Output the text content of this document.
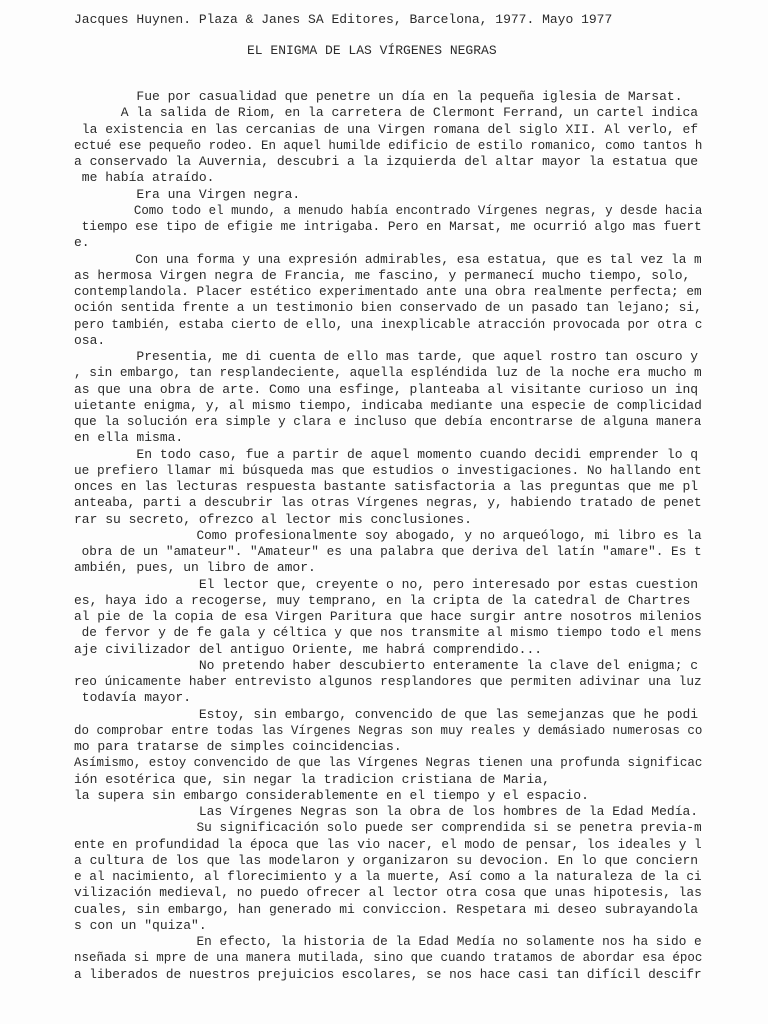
Jacques Huynen. Plaza & Janes SA Editores, Barcelona, 1977. Mayo 1977
EL ENIGMA DE LAS VÍRGENES NEGRAS
Fue por casualidad que penetre un día en la pequeña iglesia de Marsat.
A la salida de Riom, en la carretera de Clermont Ferrand, un cartel indica
la existencia en las cercanias de una Virgen romana del siglo XII. Al verlo, ef
ectué ese pequeño rodeo. En aquel humilde edificio de estilo romanico, como tantos h
a conservado la Auvernia, descubri a la izquierda del altar mayor la estatua que
me había atraído.
Era una Virgen negra.
Como todo el mundo, a menudo había encontrado Vírgenes negras, y desde hacia
tiempo ese tipo de efigie me intrigaba. Pero en Marsat, me ocurrió algo mas fuert
e.
Con una forma y una expresión admirables, esa estatua, que es tal vez la m
as hermosa Virgen negra de Francia, me fascino, y permanecí mucho tiempo, solo,
contemplandola. Placer estético experimentado ante una obra realmente perfecta; em
oción sentida frente a un testimonio bien conservado de un pasado tan lejano; si,
pero también, estaba cierto de ello, una inexplicable atracción provocada por otra c
osa.
Presentia, me di cuenta de ello mas tarde, que aquel rostro tan oscuro y
, sin embargo, tan resplandeciente, aquella espléndida luz de la noche era mucho m
as que una obra de arte. Como una esfinge, planteaba al visitante curioso un inq
uietante enigma, y, al mismo tiempo, indicaba mediante una especie de complicidad
que la solución era simple y clara e incluso que debía encontrarse de alguna manera
en ella misma.
En todo caso, fue a partir de aquel momento cuando decidi emprender lo q
ue prefiero llamar mi búsqueda mas que estudios o investigaciones. No hallando ent
onces en las lecturas respuesta bastante satisfactoria a las preguntas que me pl
anteaba, parti a descubrir las otras Vírgenes negras, y, habiendo tratado de penet
rar su secreto, ofrezco al lector mis conclusiones.
Como profesionalmente soy abogado, y no arqueólogo, mi libro es la
obra de un "amateur". "Amateur" es una palabra que deriva del latín "amare". Es t
ambién, pues, un libro de amor.
El lector que, creyente o no, pero interesado por estas cuestion
es, haya ido a recogerse, muy temprano, en la cripta de la catedral de Chartres
al pie de la copia de esa Virgen Paritura que hace surgir antre nosotros milenios
de fervor y de fe gala y céltica y que nos transmite al mismo tiempo todo el mens
aje civilizador del antiguo Oriente, me habrá comprendido...
No pretendo haber descubierto enteramente la clave del enigma; c
reo únicamente haber entrevisto algunos resplandores que permiten adivinar una luz
todavía mayor.
Estoy, sin embargo, convencido de que las semejanzas que he podi
do comprobar entre todas las Vírgenes Negras son muy reales y demásiado numerosas co
mo para tratarse de simples coincidencias.
Asímismo, estoy convencido de que las Vírgenes Negras tienen una profunda significac
ión esotérica que, sin negar la tradicion cristiana de Maria,
la supera sin embargo considerablemente en el tiempo y el espacio.
Las Vírgenes Negras son la obra de los hombres de la Edad Medía.
Su significación solo puede ser comprendida si se penetra previa-m
ente en profundidad la época que las vio nacer, el modo de pensar, los ideales y l
a cultura de los que las modelaron y organizaron su devocion. En lo que conciern
e al nacimiento, al florecimiento y a la muerte, Así como a la naturaleza de la ci
vilización medieval, no puedo ofrecer al lector otra cosa que unas hipotesis, las
cuales, sin embargo, han generado mi conviccion. Respetara mi deseo subrayandola
s con un "quiza".
En efecto, la historia de la Edad Medía no solamente nos ha sido e
nseñada si mpre de una manera mutilada, sino que cuando tratamos de abordar esa époc
a liberados de nuestros prejuicios escolares, se nos hace casi tan difícil descifr
